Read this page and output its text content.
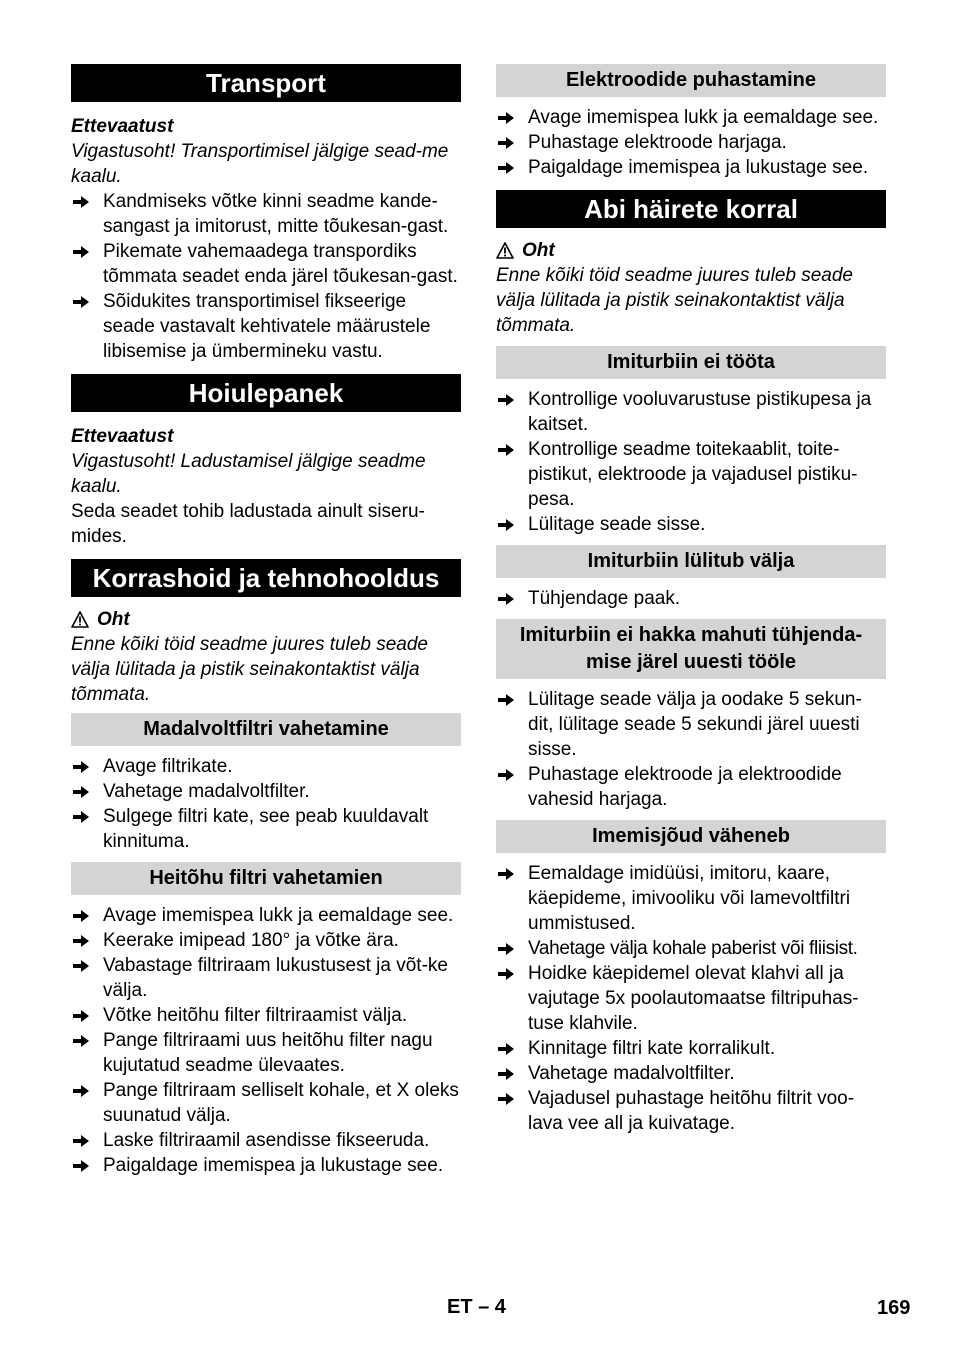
Transport
Ettevaatust
Vigastusoht! Transportimisel jälgige sead-me kaalu.
Kandmiseks võtke kinni seadme kande-sangast ja imitorust, mitte tõukesan-gast.
Pikemate vahemaadega transpordiks tõmmata seadet enda järel tõukesan-gast.
Sõidukites transportimisel fikseerige seade vastavalt kehtivatele määrustele libisemise ja ümbermineku vastu.
Hoiulepanek
Ettevaatust
Vigastusoht! Ladustamisel jälgige seadme kaalu.
Seda seadet tohib ladustada ainult siseru-mides.
Korrashoid ja tehnohooldus
Oht
Enne kõiki töid seadme juures tuleb seade välja lülitada ja pistik seinakontaktist välja tõmmata.
Madalvoltfiltri vahetamine
Avage filtrikate.
Vahetage madalvoltfilter.
Sulgege filtri kate, see peab kuuldavalt kinnituma.
Heitõhu filtri vahetamien
Avage imemispea lukk ja eemaldage see.
Keerake imipead 180° ja võtke ära.
Vabastage filtriraam lukustusest ja võt-ke välja.
Võtke heitõhu filter filtriraamist välja.
Pange filtriraami uus heitõhu filter nagu kujutatud seadme ülevaates.
Pange filtriraam selliselt kohale, et X oleks suunatud välja.
Laske filtriraamil asendisse fikseeruda.
Paigaldage imemispea ja lukustage see.
Elektroodide puhastamine
Avage imemispea lukk ja eemaldage see.
Puhastage elektroode harjaga.
Paigaldage imemispea ja lukustage see.
Abi häirete korral
Oht
Enne kõiki töid seadme juures tuleb seade välja lülitada ja pistik seinakontaktist välja tõmmata.
Imiturbiin ei tööta
Kontrollige vooluvarustuse pistikupesa ja kaitset.
Kontrollige seadme toitekaablit, toite-pistikut, elektroode ja vajadusel pistiku-pesa.
Lülitage seade sisse.
Imiturbiin lülitub välja
Tühjendage paak.
Imiturbiin ei hakka mahuti tühjenda-mise järel uuesti tööle
Lülitage seade välja ja oodake 5 sekun-dit, lülitage seade 5 sekundi järel uuesti sisse.
Puhastage elektroode ja elektroodide vahesid harjaga.
Imemisjõud väheneb
Eemaldage imidüüsi, imitoru, kaare, käepideme, imivooliku või lamevoltfiltri ummistused.
Vahetage välja kohale paberist või fliisist.
Hoidke käepidemel olevat klahvi all ja vajutage 5x poolautomaatse filtripuhas-tuse klahvile.
Kinnitage filtri kate korralikult.
Vahetage madalvoltfilter.
Vajadusel puhastage heitõhu filtrit voo-lava vee all ja kuivatage.
ET – 4	169
